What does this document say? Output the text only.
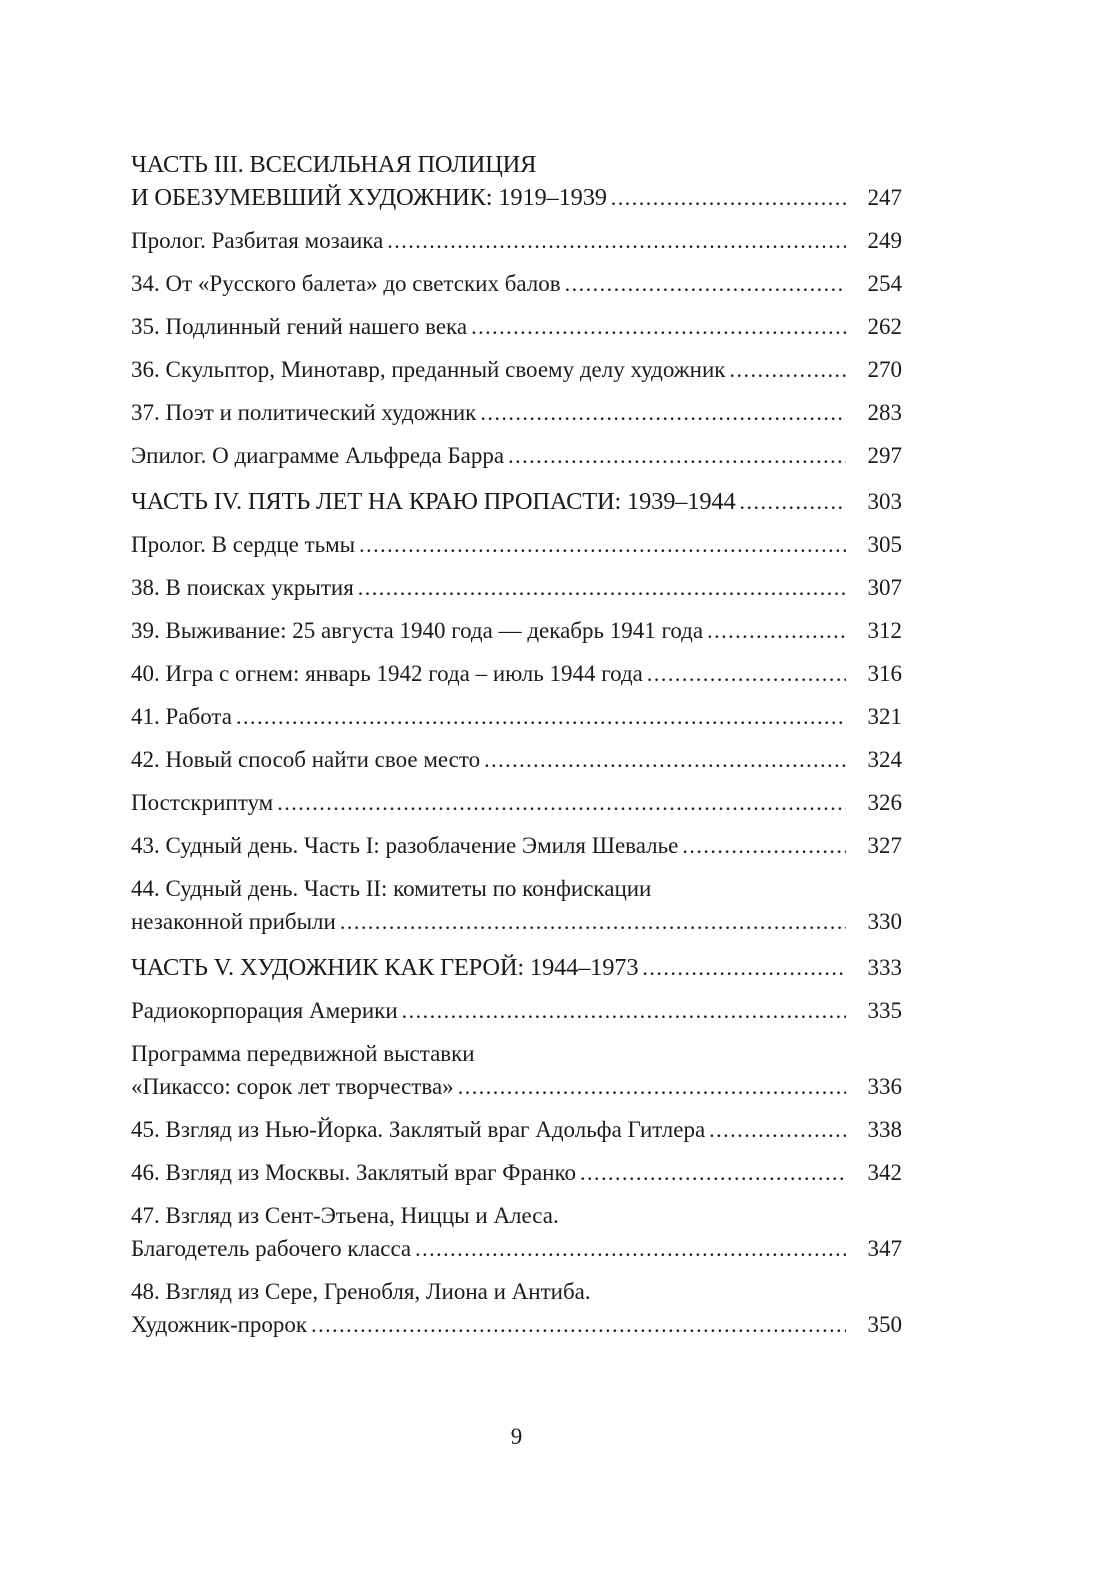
ЧАСТЬ III. ВСЕСИЛЬНАЯ ПОЛИЦИЯ
И ОБЕЗУМЕВШИЙ ХУДОЖНИК: 1919–1939 .....	247
Пролог. Разбитая мозаика .....	249
34. От «Русского балета» до светских балов .....	254
35. Подлинный гений нашего века .....	262
36. Скульптор, Минотавр, преданный своему делу художник .....	270
37. Поэт и политический художник .....	283
Эпилог. О диаграмме Альфреда Барра .....	297
ЧАСТЬ IV. ПЯТЬ ЛЕТ НА КРАЮ ПРОПАСТИ: 1939–1944 .....	303
Пролог. В сердце тьмы .....	305
38. В поисках укрытия .....	307
39. Выживание: 25 августа 1940 года — декабрь 1941 года .....	312
40. Игра с огнем: январь 1942 года – июль 1944 года .....	316
41. Работа .....	321
42. Новый способ найти свое место .....	324
Постскриптум .....	326
43. Судный день. Часть I: разоблачение Эмиля Шевалье .....	327
44. Судный день. Часть II: комитеты по конфискации
незаконной прибыли .....	330
ЧАСТЬ V. ХУДОЖНИК КАК ГЕРОЙ: 1944–1973 .....	333
Радиокорпорация Америки .....	335
Программа передвижной выставки
«Пикассо: сорок лет творчества» .....	336
45. Взгляд из Нью-Йорка. Заклятый враг Адольфа Гитлера .....	338
46. Взгляд из Москвы. Заклятый враг Франко .....	342
47. Взгляд из Сент-Этьена, Ниццы и Алеса.
Благодетель рабочего класса .....	347
48. Взгляд из Сере, Гренобля, Лиона и Антиба.
Художник-пророк .....	350
9
